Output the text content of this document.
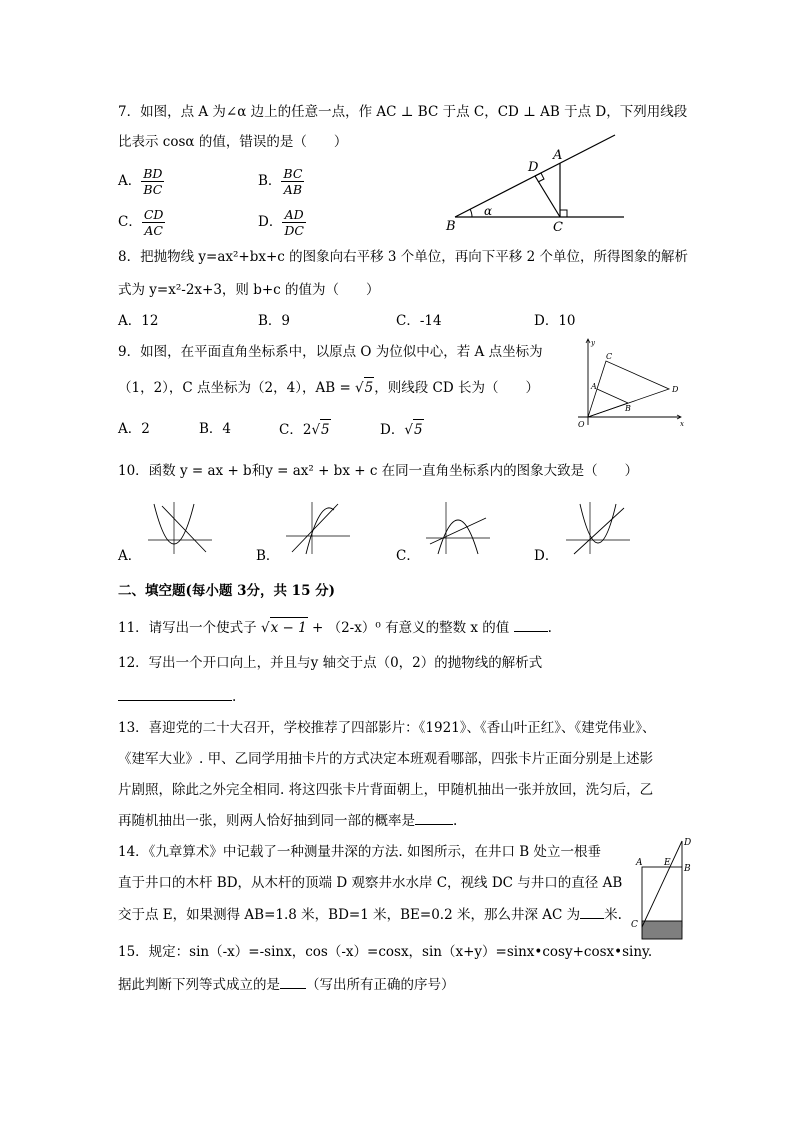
7．如图，点 A 为∠α 边上的任意一点，作 AC ⊥ BC 于点 C，CD ⊥ AB 于点 D，下列用线段
比表示 cosα 的值，错误的是（　　）
A． $\frac{BD}{BC}$	B． $\frac{BC}{AB}$
C． $\frac{CD}{AC}$	D． $\frac{AD}{DC}$	B	C
D
A
α
8．把抛物线 y=ax²+bx+c 的图象向右平移 3 个单位，再向下平移 2 个单位，所得图象的解析
式为 y=x²-2x+3，则 b+c 的值为（　　）
A．12	B．9	C．-14	D．10
9．如图，在平面直角坐标系中，以原点 O 为位似中心，若 A 点坐标为
（1，2），C 点坐标为（2，4），AB = √5，则线段 CD 长为（　　）
A．2	B．4	C．2√5	D．√5
y
x
O
A
B
C
D
10．函数 y = ax + b和y = ax² + bx + c 在同一直角坐标系内的图象大致是（　　）
A．	B．	C．	D．
二、填空题(每小题 3分，共 15 分)
11．请写出一个使式子 √x − 1 + （2-x）⁰ 有意义的整数 x 的值	.
12．写出一个开口向上，并且与y 轴交于点（0，2）的抛物线的解析式
.
13．喜迎党的二十大召开，学校推荐了四部影片：《1921》、《香山叶正红》、《建党伟业》、
《建军大业》. 甲、乙同学用抽卡片的方式决定本班观看哪部，四张卡片正面分别是上述影
片剧照，除此之外完全相同. 将这四张卡片背面朝上，甲随机抽出一张并放回，洗匀后，乙
再随机抽出一张，则两人恰好抽到同一部的概率是	.
14．《九章算术》中记载了一种测量井深的方法. 如图所示，在井口 B 处立一根垂
直于井口的木杆 BD，从木杆的顶端 D 观察井水水岸 C，视线 DC 与井口的直径 AB
交于点 E，如果测得 AB=1.8 米，BD=1 米，BE=0.2 米，那么井深 AC 为 米.
D
A E
B
C
15．规定：sin（-x）=-sinx，cos（-x）=cosx，sin（x+y）=sinx•cosy+cosx•siny.
据此判断下列等式成立的是 （写出所有正确的序号）
